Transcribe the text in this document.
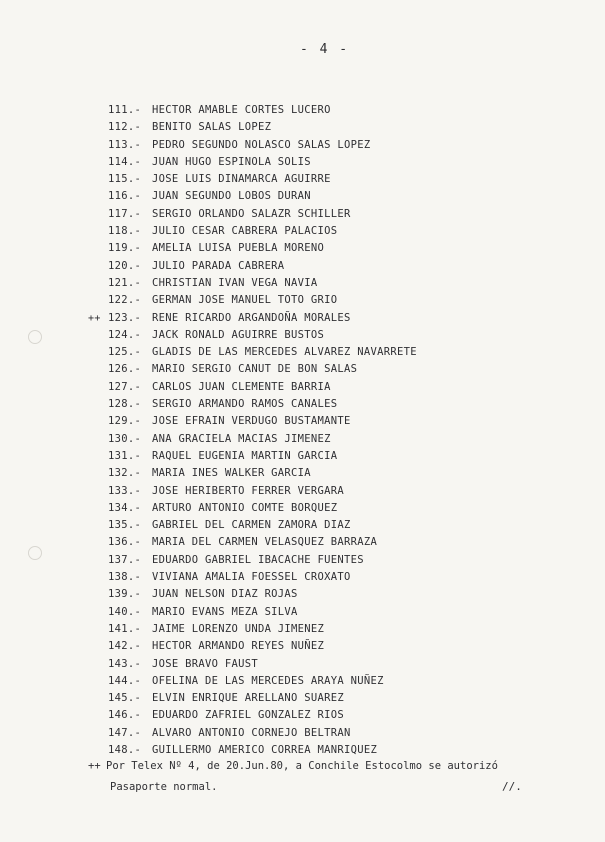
- 4 -
111.- HECTOR AMABLE CORTES LUCERO
112.- BENITO SALAS LOPEZ
113.- PEDRO SEGUNDO NOLASCO SALAS LOPEZ
114.- JUAN HUGO ESPINOLA SOLIS
115.- JOSE LUIS DINAMARCA AGUIRRE
116.- JUAN SEGUNDO LOBOS DURAN
117.- SERGIO ORLANDO SALAZR SCHILLER
118.- JULIO CESAR CABRERA PALACIOS
119.- AMELIA LUISA PUEBLA MORENO
120.- JULIO PARADA CABRERA
121.- CHRISTIAN IVAN VEGA NAVIA
122.- GERMAN JOSE MANUEL TOTO GRIO
++ 123.- RENE RICARDO ARGANDOÑA MORALES
124.- JACK RONALD AGUIRRE BUSTOS
125.- GLADIS DE LAS MERCEDES ALVAREZ NAVARRETE
126.- MARIO SERGIO CANUT DE BON SALAS
127.- CARLOS JUAN CLEMENTE BARRIA
128.- SERGIO ARMANDO RAMOS CANALES
129.- JOSE EFRAIN VERDUGO BUSTAMANTE
130.- ANA GRACIELA MACIAS JIMENEZ
131.- RAQUEL EUGENIA MARTIN GARCIA
132.- MARIA INES WALKER GARCIA
133.- JOSE HERIBERTO FERRER VERGARA
134.- ARTURO ANTONIO COMTE BORQUEZ
135.- GABRIEL DEL CARMEN ZAMORA DIAZ
136.- MARIA DEL CARMEN VELASQUEZ BARRAZA
137.- EDUARDO GABRIEL IBACACHE FUENTES
138.- VIVIANA AMALIA FOESSEL CROXATO
139.- JUAN NELSON DIAZ ROJAS
140.- MARIO EVANS MEZA SILVA
141.- JAIME LORENZO UNDA JIMENEZ
142.- HECTOR ARMANDO REYES NUÑEZ
143.- JOSE BRAVO FAUST
144.- OFELINA DE LAS MERCEDES ARAYA NUÑEZ
145.- ELVIN ENRIQUE ARELLANO SUAREZ
146.- EDUARDO ZAFRIEL GONZALEZ RIOS
147.- ALVARO ANTONIO CORNEJO BELTRAN
148.- GUILLERMO AMERICO CORREA MANRIQUEZ
++ Por Telex Nº 4, de 20.Jun.80, a Conchile Estocolmo se autorizó
Pasaporte normal.	//.
